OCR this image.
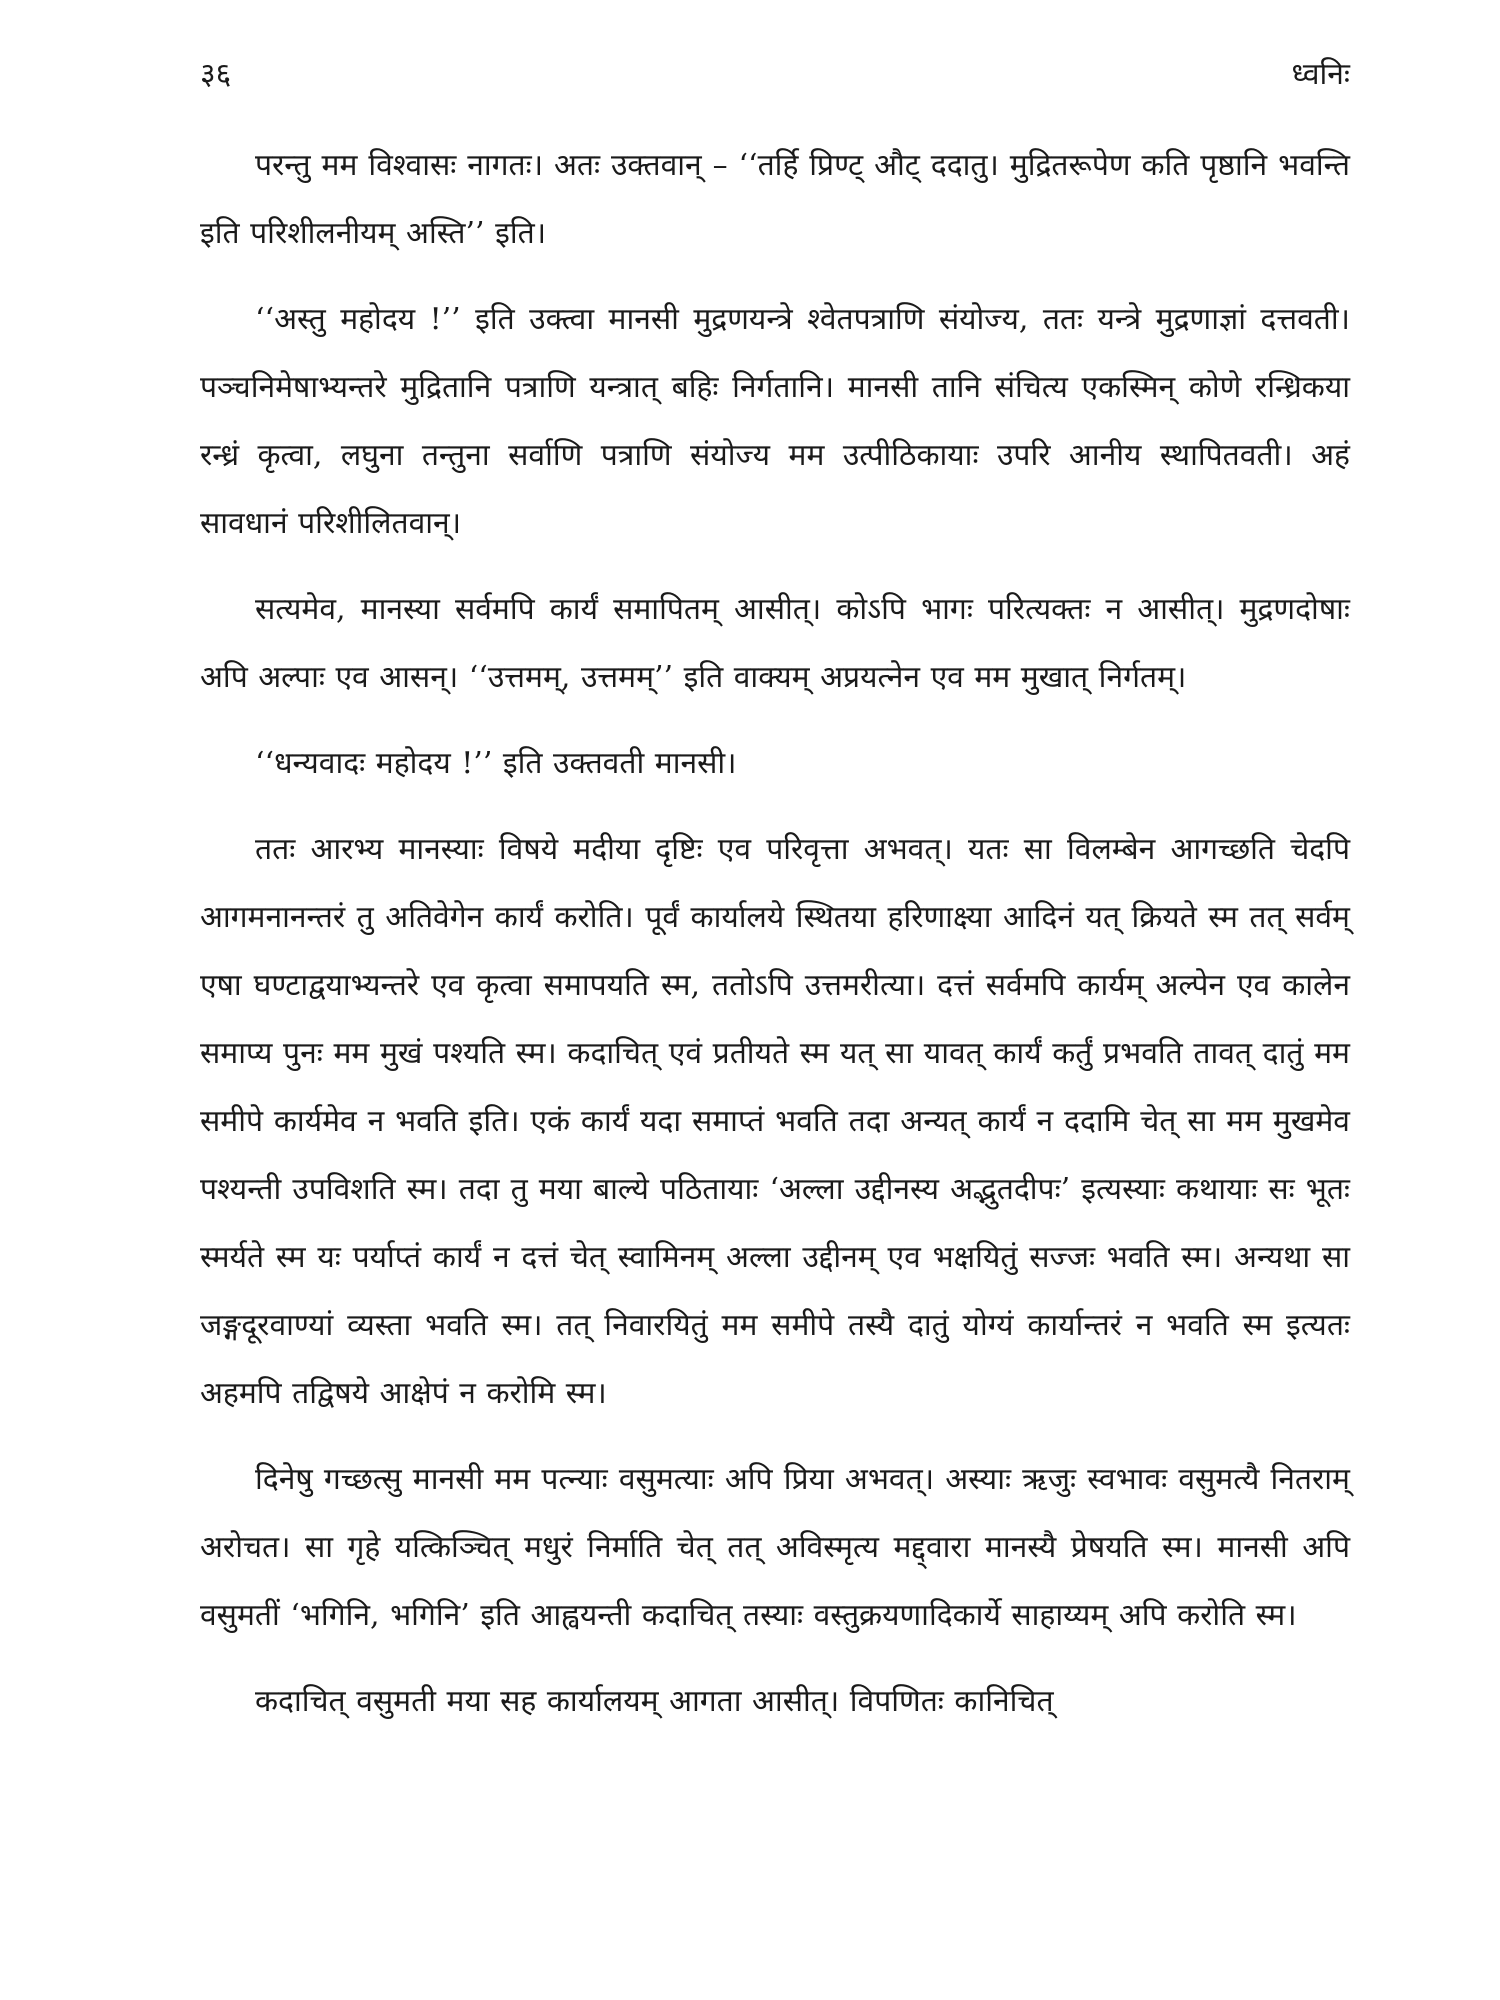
३६	ध्वनिः

परन्तु मम विश्वासः नागतः। अतः उक्तवान् – ‘‘तर्हि प्रिण्ट् औट् ददातु। मुद्रितरूपेण कति पृष्ठानि भवन्ति इति परिशीलनीयम् अस्ति’’ इति।

‘‘अस्तु महोदय !’’ इति उक्त्वा मानसी मुद्रणयन्त्रे श्वेतपत्राणि संयोज्य, ततः यन्त्रे मुद्रणाज्ञां दत्तवती। पञ्चनिमेषाभ्यन्तरे मुद्रितानि पत्राणि यन्त्रात् बहिः निर्गतानि। मानसी तानि संचित्य एकस्मिन् कोणे रन्ध्रिकया रन्ध्रं कृत्वा, लघुना तन्तुना सर्वाणि पत्राणि संयोज्य मम उत्पीठिकायाः उपरि आनीय स्थापितवती। अहं सावधानं परिशीलितवान्।

सत्यमेव, मानस्या सर्वमपि कार्यं समापितम् आसीत्। कोऽपि भागः परित्यक्तः न आसीत्। मुद्रणदोषाः अपि अल्पाः एव आसन्। ‘‘उत्तमम्, उत्तमम्’’ इति वाक्यम् अप्रयत्नेन एव मम मुखात् निर्गतम्।

‘‘धन्यवादः महोदय !’’ इति उक्तवती मानसी।

ततः आरभ्य मानस्याः विषये मदीया दृष्टिः एव परिवृत्ता अभवत्। यतः सा विलम्बेन आगच्छति चेदपि आगमनानन्तरं तु अतिवेगेन कार्यं करोति। पूर्वं कार्यालये स्थितया हरिणाक्ष्या आदिनं यत् क्रियते स्म तत् सर्वम् एषा घण्टाद्वयाभ्यन्तरे एव कृत्वा समापयति स्म, ततोऽपि उत्तमरीत्या। दत्तं सर्वमपि कार्यम् अल्पेन एव कालेन समाप्य पुनः मम मुखं पश्यति स्म। कदाचित् एवं प्रतीयते स्म यत् सा यावत् कार्यं कर्तुं प्रभवति तावत् दातुं मम समीपे कार्यमेव न भवति इति। एकं कार्यं यदा समाप्तं भवति तदा अन्यत् कार्यं न ददामि चेत् सा मम मुखमेव पश्यन्ती उपविशति स्म। तदा तु मया बाल्ये पठितायाः ‘अल्ला उद्दीनस्य अद्भुतदीपः’ इत्यस्याः कथायाः सः भूतः स्मर्यते स्म यः पर्याप्तं कार्यं न दत्तं चेत् स्वामिनम् अल्ला उद्दीनम् एव भक्षयितुं सज्जः भवति स्म। अन्यथा सा जङ्गदूरवाण्यां व्यस्ता भवति स्म। तत् निवारयितुं मम समीपे तस्यै दातुं योग्यं कार्यान्तरं न भवति स्म इत्यतः अहमपि तद्विषये आक्षेपं न करोमि स्म।

दिनेषु गच्छत्सु मानसी मम पत्न्याः वसुमत्याः अपि प्रिया अभवत्। अस्याः ऋजुः स्वभावः वसुमत्यै नितराम् अरोचत। सा गृहे यत्किञ्चित् मधुरं निर्माति चेत् तत् अविस्मृत्य मद्द्वारा मानस्यै प्रेषयति स्म। मानसी अपि वसुमतीं ‘भगिनि, भगिनि’ इति आह्वयन्ती कदाचित् तस्याः वस्तुक्रयणादिकार्ये साहाय्यम् अपि करोति स्म।

कदाचित् वसुमती मया सह कार्यालयम् आगता आसीत्। विपणितः कानिचित्
